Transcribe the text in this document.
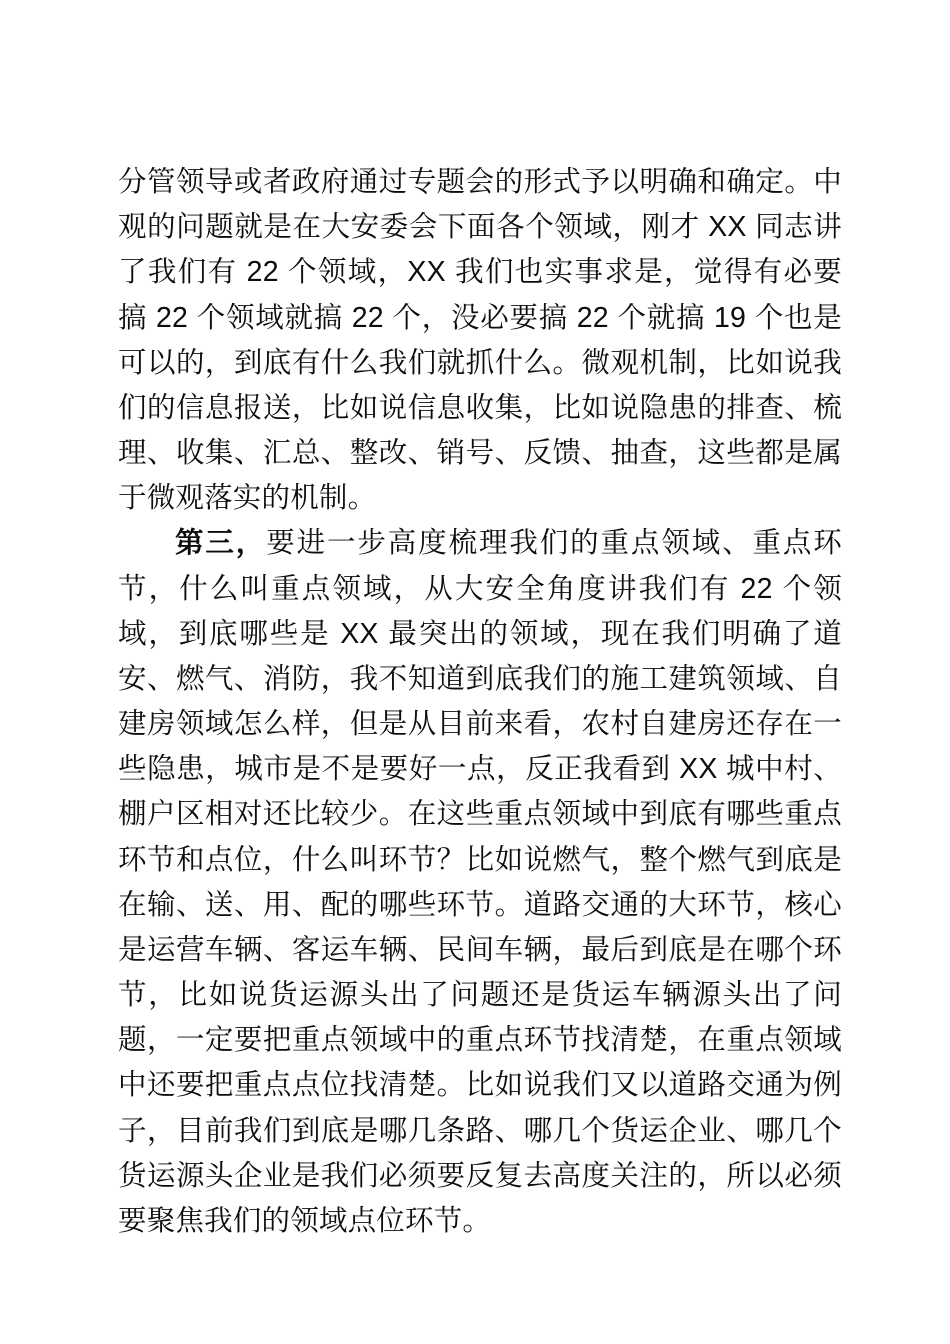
分管领导或者政府通过专题会的形式予以明确和确定。中观的问题就是在大安委会下面各个领域，刚才 XX 同志讲了我们有 22 个领域，XX 我们也实事求是，觉得有必要搞 22 个领域就搞 22 个，没必要搞 22 个就搞 19 个也是可以的，到底有什么我们就抓什么。微观机制，比如说我们的信息报送，比如说信息收集，比如说隐患的排查、梳理、收集、汇总、整改、销号、反馈、抽查，这些都是属于微观落实的机制。

第三，要进一步高度梳理我们的重点领域、重点环节，什么叫重点领域，从大安全角度讲我们有 22 个领域，到底哪些是 XX 最突出的领域，现在我们明确了道安、燃气、消防，我不知道到底我们的施工建筑领域、自建房领域怎么样，但是从目前来看，农村自建房还存在一些隐患，城市是不是要好一点，反正我看到 XX 城中村、棚户区相对还比较少。在这些重点领域中到底有哪些重点环节和点位，什么叫环节？比如说燃气，整个燃气到底是在输、送、用、配的哪些环节。道路交通的大环节，核心是运营车辆、客运车辆、民间车辆，最后到底是在哪个环节，比如说货运源头出了问题还是货运车辆源头出了问题，一定要把重点领域中的重点环节找清楚，在重点领域中还要把重点点位找清楚。比如说我们又以道路交通为例子，目前我们到底是哪几条路、哪几个货运企业、哪几个货运源头企业是我们必须要反复去高度关注的，所以必须要聚焦我们的领域点位环节。
